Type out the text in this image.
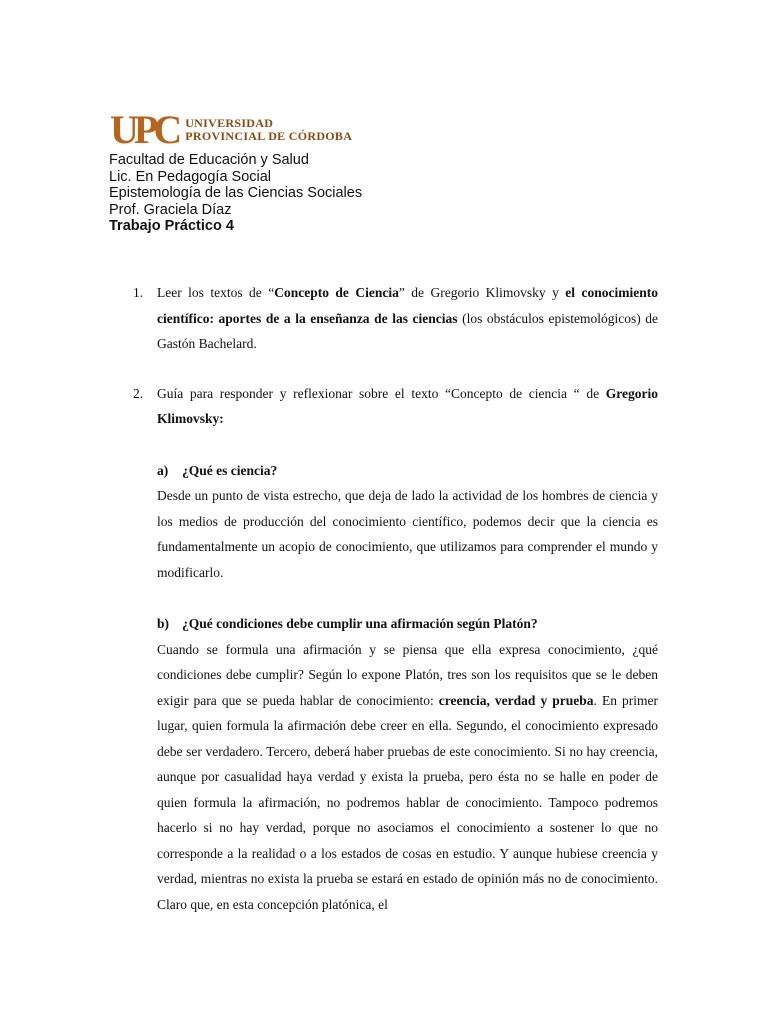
UPC UNIVERSIDAD
PROVINCIAL DE CÓRDOBA
Facultad de Educación y Salud
Lic. En Pedagogía Social
Epistemología de las Ciencias Sociales
Prof. Graciela Díaz
Trabajo Práctico 4
1.	Leer los textos de “Concepto de Ciencia” de Gregorio Klimovsky y el conocimiento científico: aportes de a la enseñanza de las ciencias (los obstáculos epistemológicos) de Gastón Bachelard.
2.	Guía para responder y reflexionar sobre el texto “Concepto de ciencia “ de Gregorio Klimovsky:
a)	¿Qué es ciencia?
Desde un punto de vista estrecho, que deja de lado la actividad de los hombres de ciencia y los medios de producción del conocimiento científico, podemos decir que la ciencia es fundamentalmente un acopio de conocimiento, que utilizamos para comprender el mundo y modificarlo.
b) ¿Qué condiciones debe cumplir una afirmación según Platón?
Cuando se formula una afirmación y se piensa que ella expresa conocimiento, ¿qué condiciones debe cumplir? Según lo expone Platón, tres son los requisitos que se le deben exigir para que se pueda hablar de conocimiento: creencia, verdad y prueba. En primer lugar, quien formula la afirmación debe creer en ella. Segundo, el conocimiento expresado debe ser verdadero. Tercero, deberá haber pruebas de este conocimiento. Si no hay creencia, aunque por casualidad haya verdad y exista la prueba, pero ésta no se halle en poder de quien formula la afirmación, no podremos hablar de conocimiento. Tampoco podremos hacerlo si no hay verdad, porque no asociamos el conocimiento a sostener lo que no corresponde a la realidad o a los estados de cosas en estudio. Y aunque hubiese creencia y verdad, mientras no exista la prueba se estará en estado de opinión más no de conocimiento. Claro que, en esta concepción platónica, el
